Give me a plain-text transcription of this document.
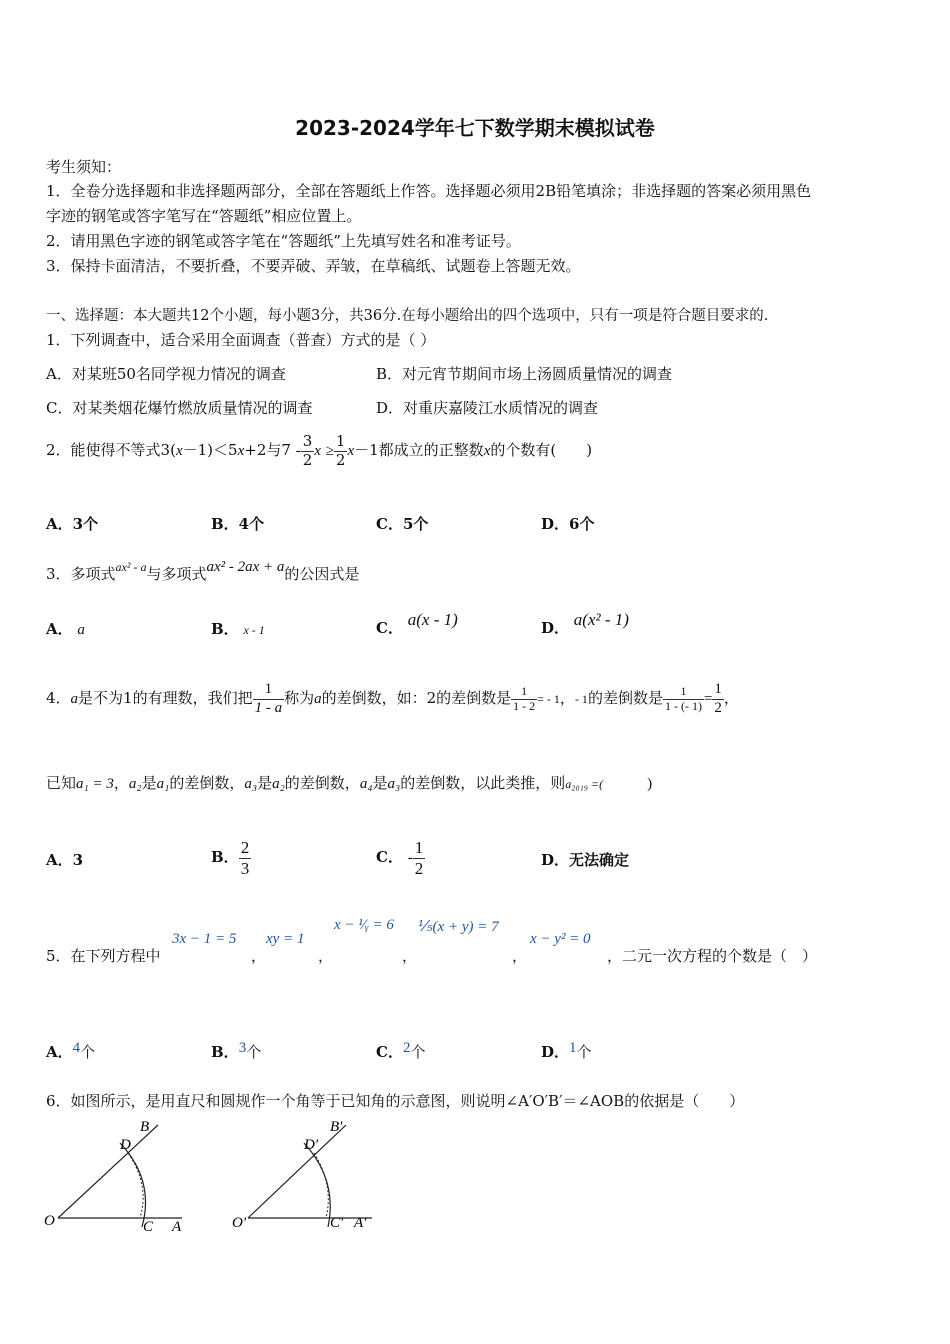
2023-2024学年七下数学期末模拟试卷
考生须知：
1．全卷分选择题和非选择题两部分，全部在答题纸上作答。选择题必须用2B铅笔填涂；非选择题的答案必须用黑色
字迹的钢笔或答字笔写在“答题纸”相应位置上。
2．请用黑色字迹的钢笔或答字笔在“答题纸”上先填写姓名和准考证号。
3．保持卡面清洁，不要折叠，不要弄破、弄皱，在草稿纸、试题卷上答题无效。
一、选择题：本大题共12个小题，每小题3分，共36分.在每小题给出的四个选项中，只有一项是符合题目要求的.
1．下列调查中，适合采用全面调查（普查）方式的是（ ）
A．对某班50名同学视力情况的调查	B．对元宵节期间市场上汤圆质量情况的调查
C．对某类烟花爆竹燃放质量情况的调查	D．对重庆嘉陵江水质情况的调查
2．能使得不等式3(x－1)＜5x+2与$7 - \frac{3}{2}$ $x \ge \frac{1}{2} x-1$都成立的正整数x的个数有(　　)
A．3个	B．4个	C．5个	D．6个
3．多项式$^{ax^2 - a}$与多项式ax² - 2ax + a的公因式是
A． a	B． x - 1	C． a(x - 1)	D． a(x² - 1)
4．a是不为1的有理数，我们把 $\frac{1}{1 - a}$ 称为a的差倒数，如：2的差倒数是 $\frac{1}{1 - 2}$ = - 1，- 1的差倒数是 $\frac{1}{1 - (- 1)} = \frac{1}{2}$ ，
已知a₁ = 3，a₂是a₁的差倒数，a₃是a₂的差倒数，a₄是a₃的差倒数，以此类推，则a₂₀₁₉ =(	)
A．3	B． $\frac{2}{3}$	C． - $\frac{1}{2}$	D．无法确定
5．在下列方程中
3x − 1 = 5
，
xy = 1
，
x − ¹⁄ᵧ = 6
，
⅕(x + y) = 7
，
x − y² = 0
，二元一次方程的个数是（　）
A．4个	B．3个	C．2个	D．1个
6．如图所示，是用直尺和圆规作一个角等于已知角的示意图，则说明∠A′O′B′＝∠AOB的依据是（　　）
O	C A
D
B
O′	C′ A′
D′
B′
